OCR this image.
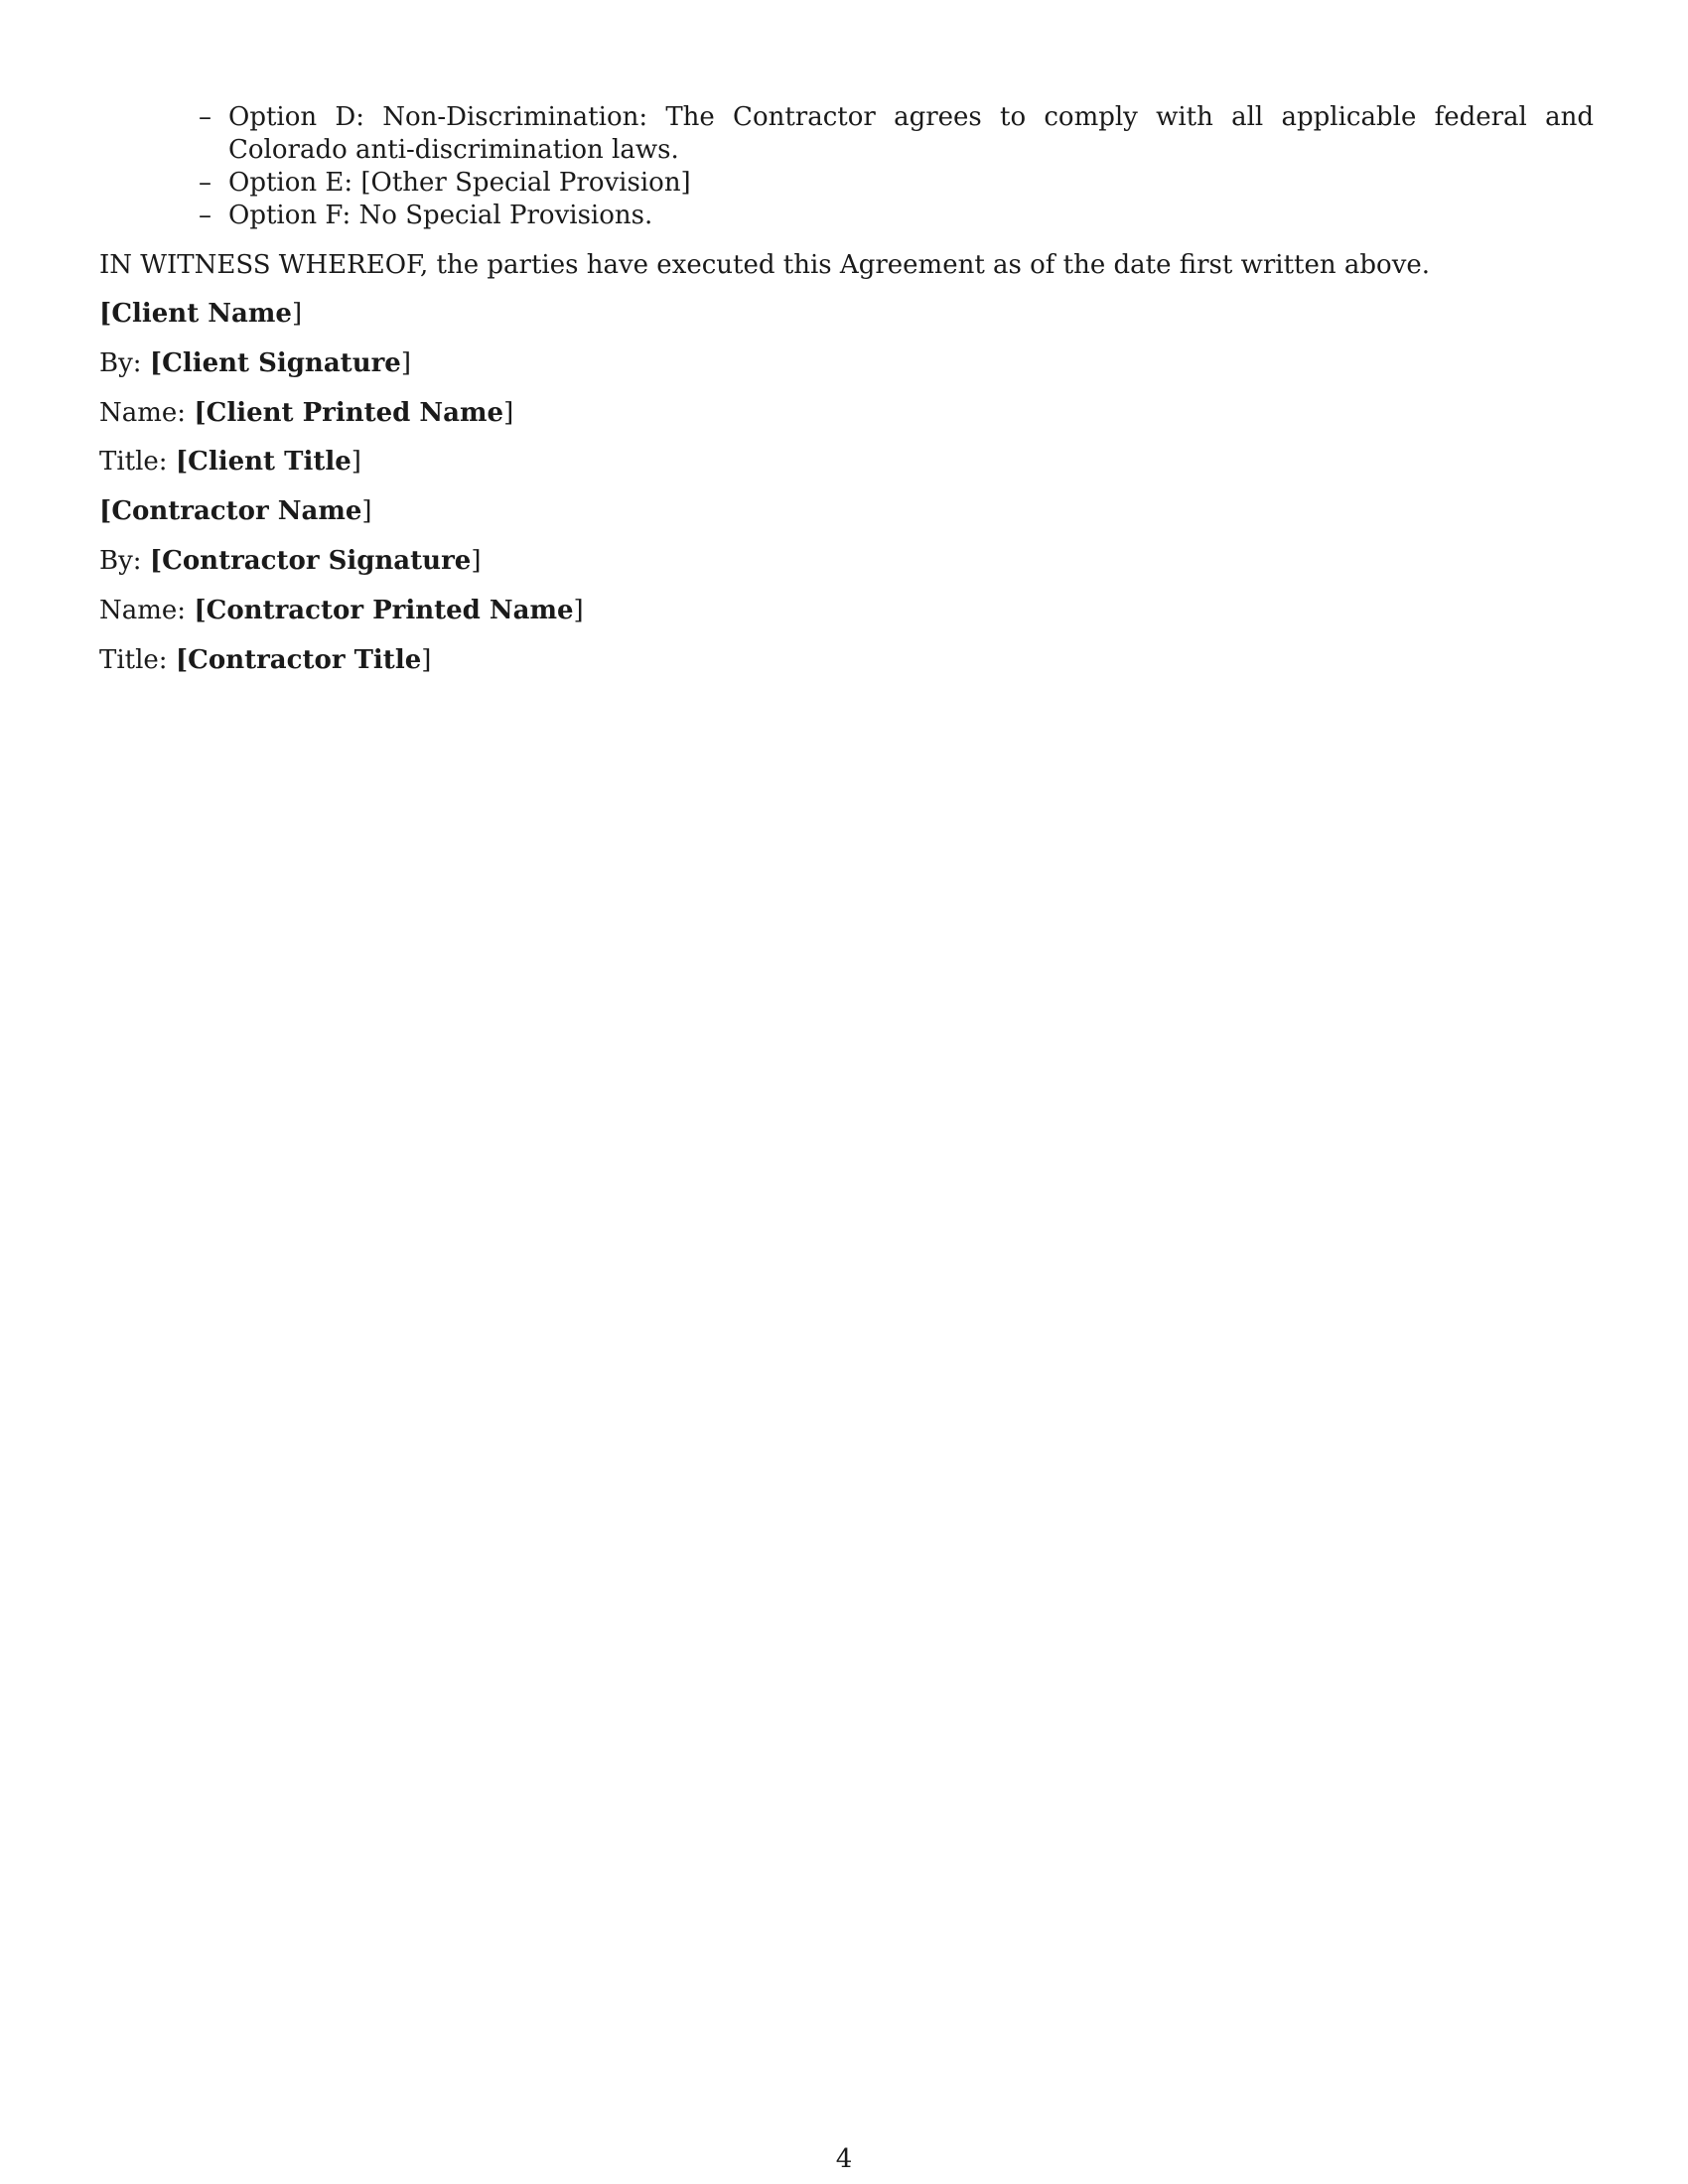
– Option D: Non-Discrimination: The Contractor agrees to comply with all applicable federal and Colorado anti-discrimination laws.
– Option E: [Other Special Provision]
– Option F: No Special Provisions.
IN WITNESS WHEREOF, the parties have executed this Agreement as of the date first written above.
[Client Name]
By: [Client Signature]
Name: [Client Printed Name]
Title: [Client Title]
[Contractor Name]
By: [Contractor Signature]
Name: [Contractor Printed Name]
Title: [Contractor Title]
4
